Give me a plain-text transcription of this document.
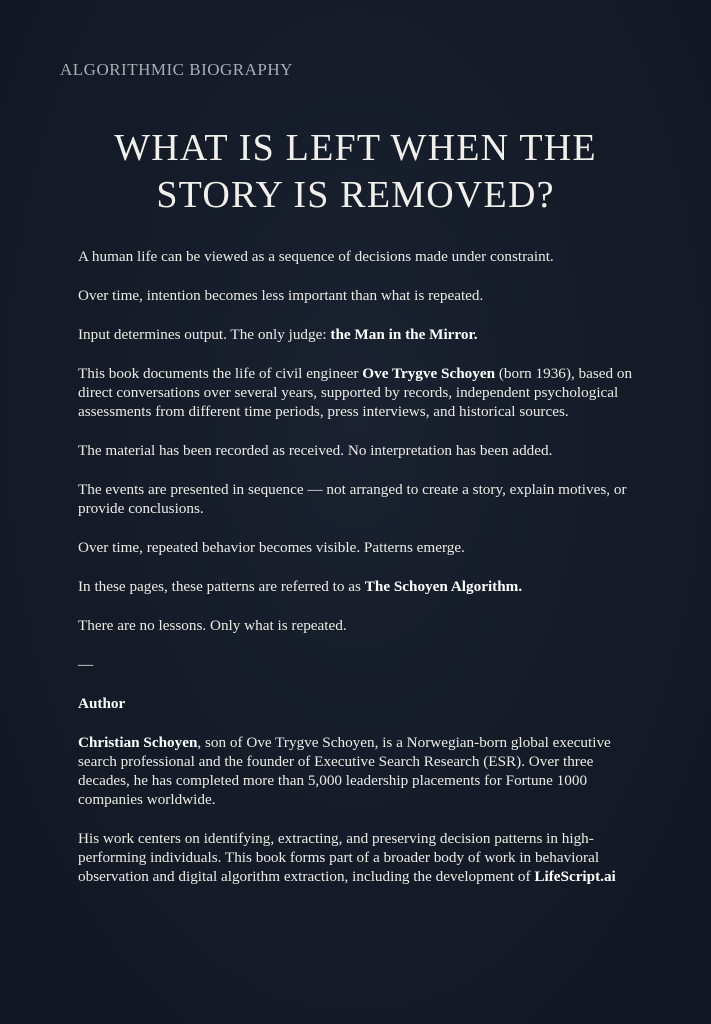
ALGORITHMIC BIOGRAPHY
WHAT IS LEFT WHEN THE
STORY IS REMOVED?

A human life can be viewed as a sequence of decisions made under constraint.

Over time, intention becomes less important than what is repeated.

Input determines output. The only judge: the Man in the Mirror.

This book documents the life of civil engineer Ove Trygve Schoyen (born 1936), based on direct conversations over several years, supported by records, independent psychological assessments from different time periods, press interviews, and historical sources.

The material has been recorded as received. No interpretation has been added.

The events are presented in sequence — not arranged to create a story, explain motives, or provide conclusions.

Over time, repeated behavior becomes visible. Patterns emerge.

In these pages, these patterns are referred to as The Schoyen Algorithm.

There are no lessons. Only what is repeated.

—
Author

Christian Schoyen, son of Ove Trygve Schoyen, is a Norwegian-born global executive search professional and the founder of Executive Search Research (ESR). Over three decades, he has completed more than 5,000 leadership placements for Fortune 1000 companies worldwide.

His work centers on identifying, extracting, and preserving decision patterns in high-performing individuals. This book forms part of a broader body of work in behavioral observation and digital algorithm extraction, including the development of LifeScript.ai
